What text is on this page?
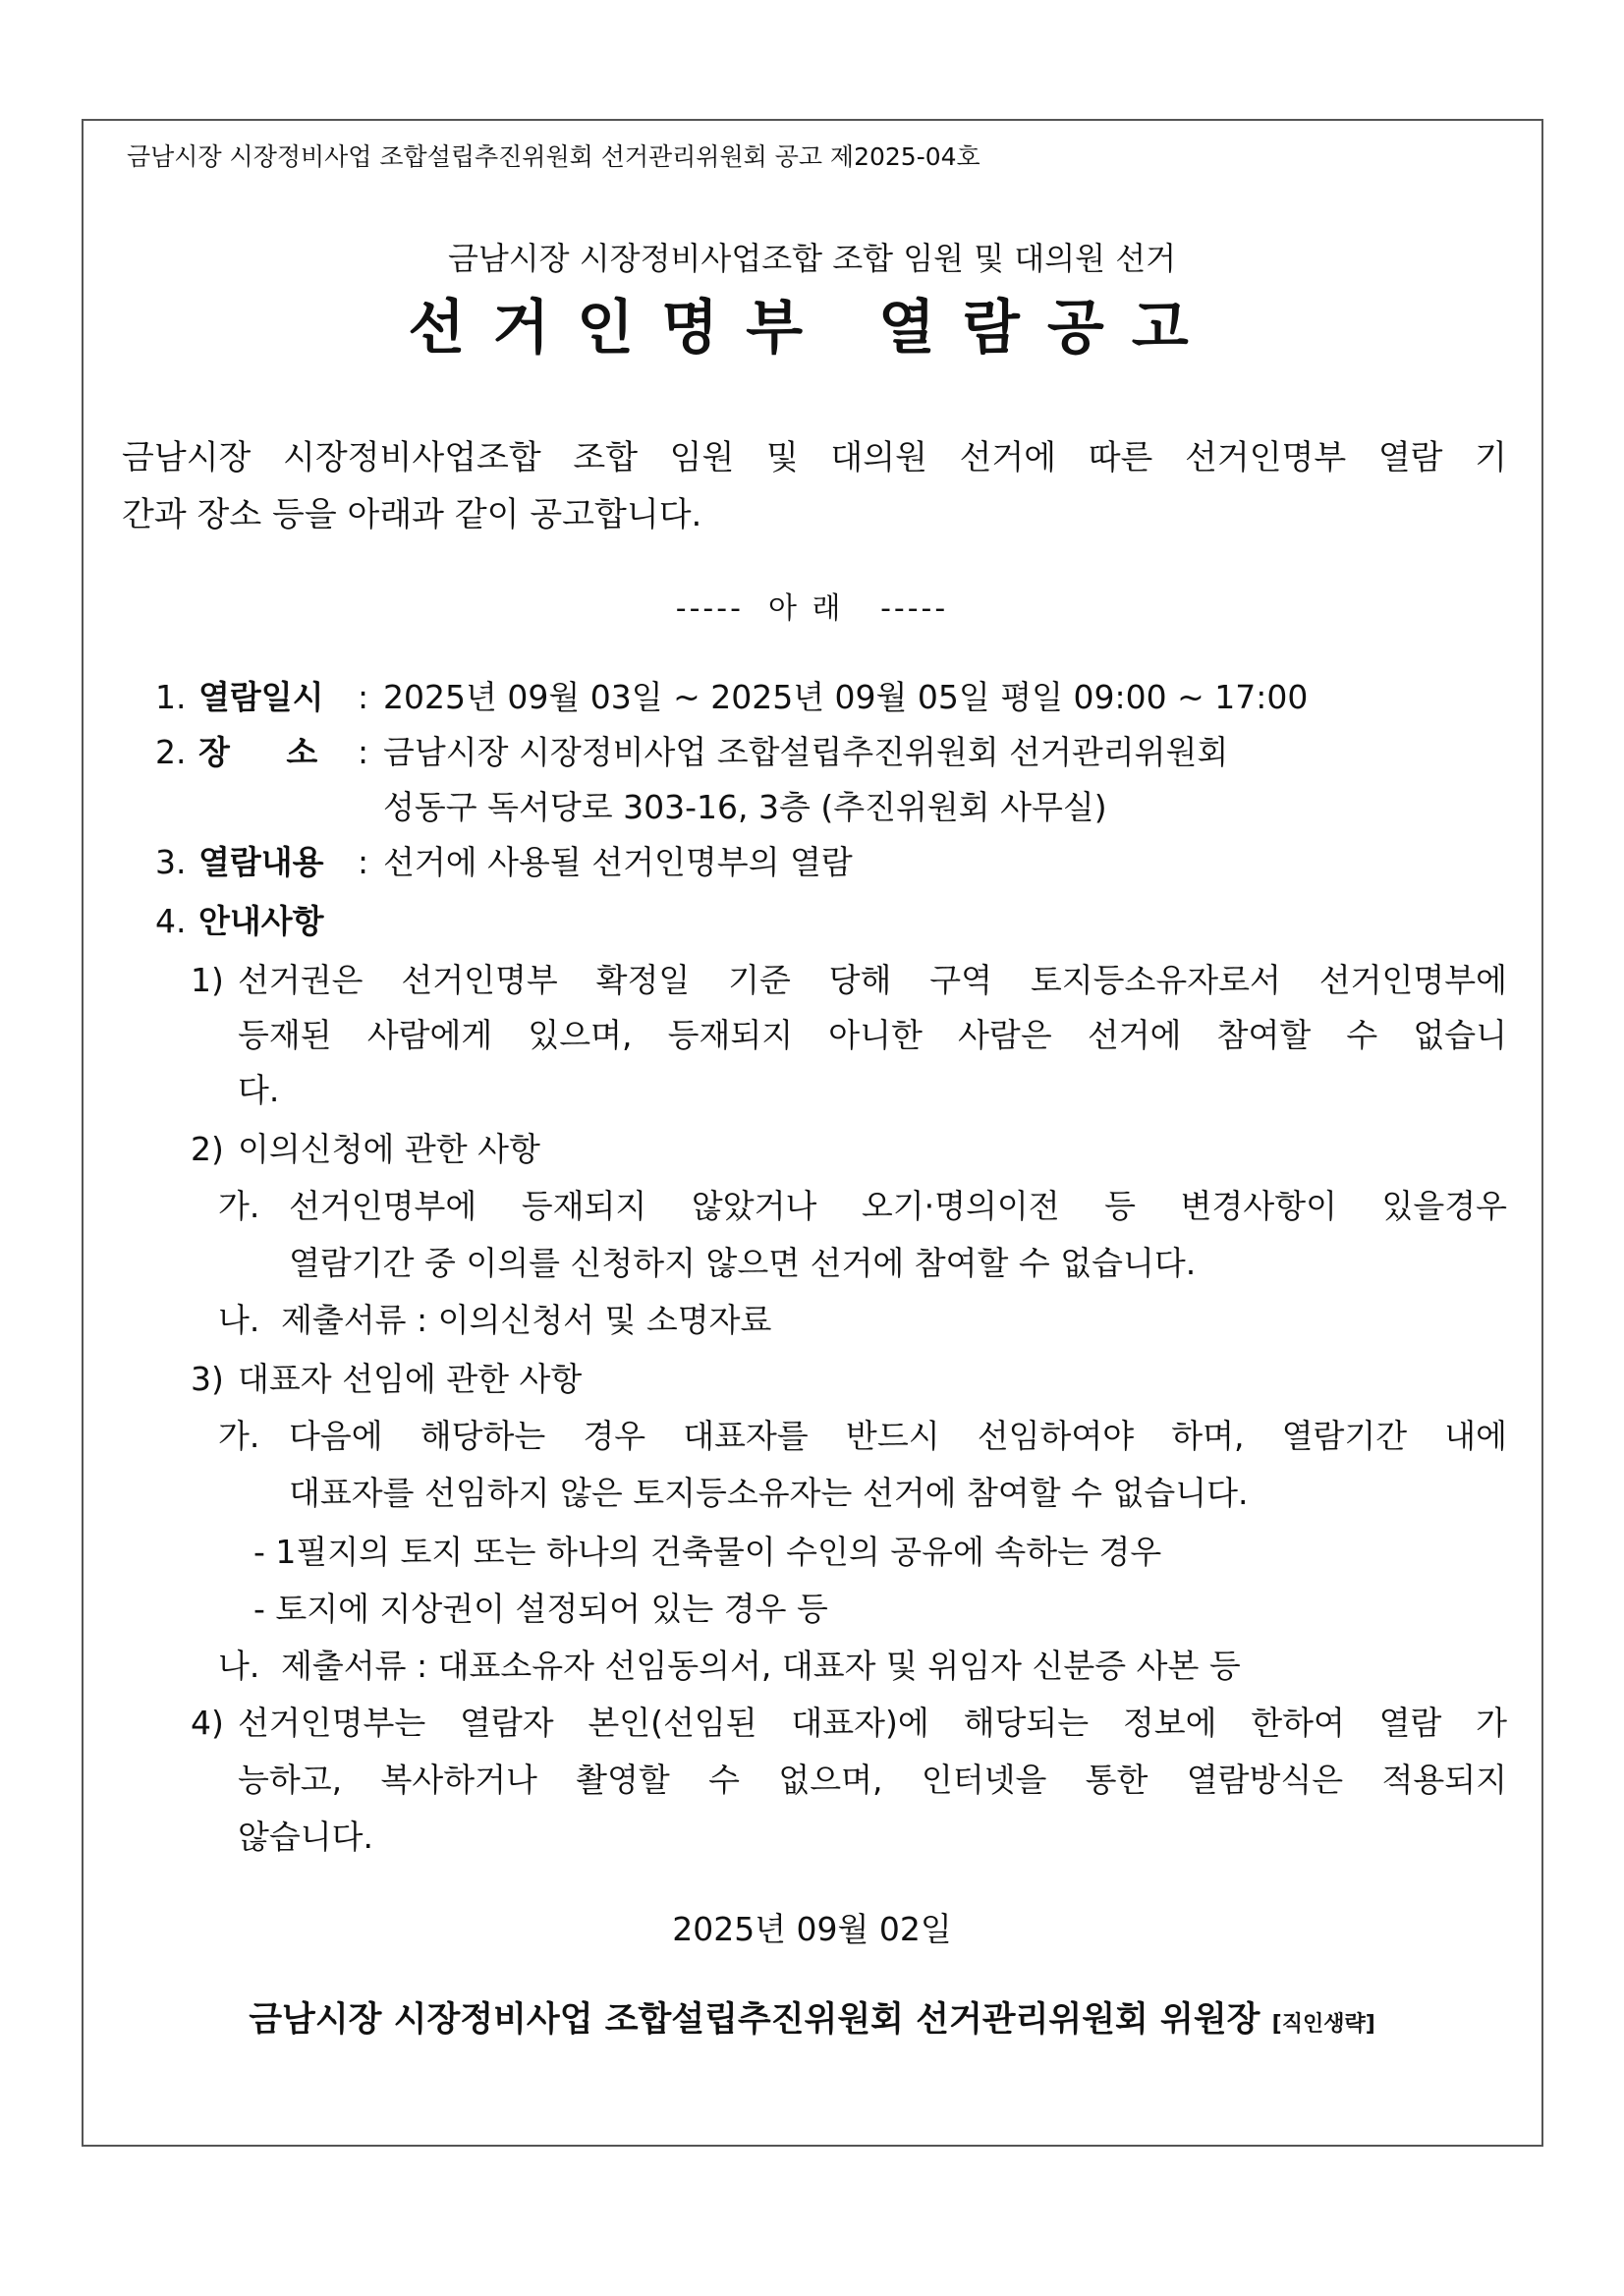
금남시장 시장정비사업 조합설립추진위원회 선거관리위원회 공고 제2025-04호
금남시장 시장정비사업조합 조합 임원 및 대의원 선거
선거인명부 열람공고
금남시장 시장정비사업조합 조합 임원 및 대의원 선거에 따른 선거인명부 열람 기
간과 장소 등을 아래과 같이 공고합니다.
-----  아 래   -----
1. 열람일시 : 2025년 09월 03일 ~ 2025년 09월 05일 평일 09:00 ~ 17:00
2. 장     소 : 금남시장 시장정비사업 조합설립추진위원회 선거관리위원회
성동구 독서당로 303-16, 3층 (추진위원회 사무실)
3. 열람내용 : 선거에 사용될 선거인명부의 열람
4. 안내사항
1) 선거권은 선거인명부 확정일 기준 당해 구역 토지등소유자로서 선거인명부에
등재된 사람에게 있으며, 등재되지 아니한 사람은 선거에 참여할 수 없습니
다.
2) 이의신청에 관한 사항
가. 선거인명부에 등재되지 않았거나 오기·명의이전 등 변경사항이 있을경우
열람기간 중 이의를 신청하지 않으면 선거에 참여할 수 없습니다.
나. 제출서류 : 이의신청서 및 소명자료
3) 대표자 선임에 관한 사항
가. 다음에 해당하는 경우 대표자를 반드시 선임하여야 하며, 열람기간 내에
대표자를 선임하지 않은 토지등소유자는 선거에 참여할 수 없습니다.
- 1필지의 토지 또는 하나의 건축물이 수인의 공유에 속하는 경우
- 토지에 지상권이 설정되어 있는 경우 등
나. 제출서류 : 대표소유자 선임동의서, 대표자 및 위임자 신분증 사본 등
4) 선거인명부는 열람자 본인(선임된 대표자)에 해당되는 정보에 한하여 열람 가
능하고, 복사하거나 촬영할 수 없으며, 인터넷을 통한 열람방식은 적용되지
않습니다.
2025년 09월 02일
금남시장 시장정비사업 조합설립추진위원회 선거관리위원회 위원장 [직인생략]
